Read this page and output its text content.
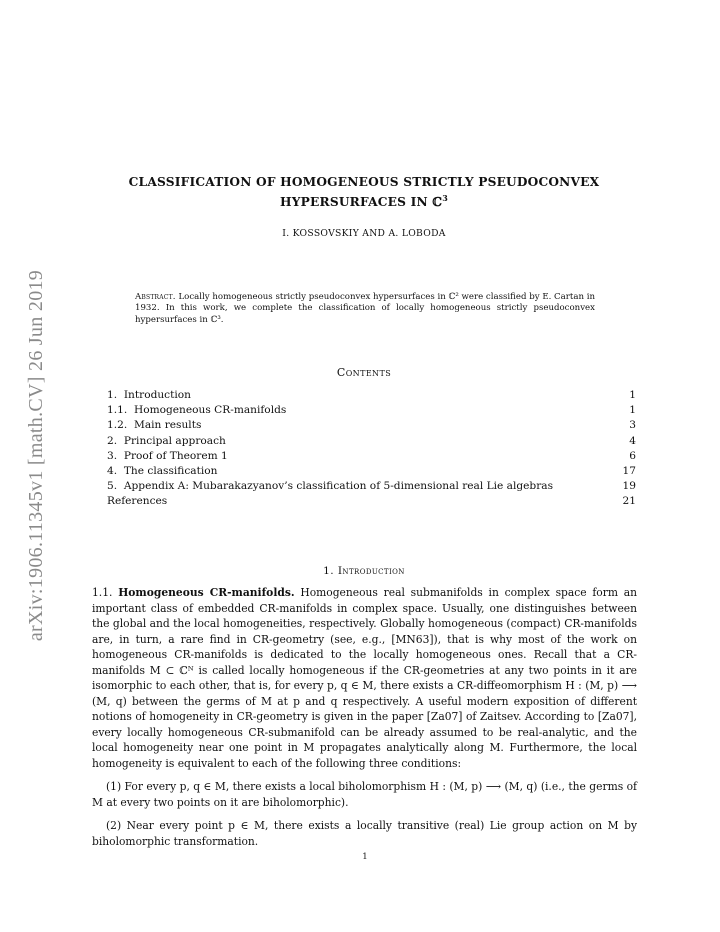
arXiv:1906.11345v1 [math.CV] 26 Jun 2019
CLASSIFICATION OF HOMOGENEOUS STRICTLY PSEUDOCONVEX
HYPERSURFACES IN ℂ$^3$
I. KOSSOVSKIY AND A. LOBODA
Abstract. Locally homogeneous strictly pseudoconvex hypersurfaces in ℂ² were classified by E. Cartan in 1932. In this work, we complete the classification of locally homogeneous strictly pseudoconvex hypersurfaces in ℂ³.
Contents
1. Introduction	1
1.1. Homogeneous CR-manifolds	1
1.2. Main results	3
2. Principal approach	4
3. Proof of Theorem 1	6
4. The classification	17
5. Appendix A: Mubarakazyanov’s classification of 5-dimensional real Lie algebras	19
References	21
1. Introduction

1.1. Homogeneous CR-manifolds. Homogeneous real submanifolds in complex space form an important class of embedded CR-manifolds in complex space. Usually, one distinguishes between the global and the local homogeneities, respectively. Globally homogeneous (compact) CR-manifolds are, in turn, a rare find in CR-geometry (see, e.g., [MN63]), that is why most of the work on homogeneous CR-manifolds is dedicated to the locally homogeneous ones. Recall that a CR-manifolds M ⊂ ℂᴺ is called locally homogeneous if the CR-geometries at any two points in it are isomorphic to each other, that is, for every p, q ∈ M, there exists a CR-diffeomorphism H : (M, p) ⟶ (M, q) between the germs of M at p and q respectively. A useful modern exposition of different notions of homogeneity in CR-geometry is given in the paper [Za07] of Zaitsev. According to [Za07], every locally homogeneous CR-submanifold can be already assumed to be real-analytic, and the local homogeneity near one point in M propagates analytically along M. Furthermore, the local homogeneity is equivalent to each of the following three conditions:

(1) For every p, q ∈ M, there exists a local biholomorphism H : (M, p) ⟶ (M, q) (i.e., the germs of M at every two points on it are biholomorphic).

(2) Near every point p ∈ M, there exists a locally transitive (real) Lie group action on M by biholomorphic transformation.

1
